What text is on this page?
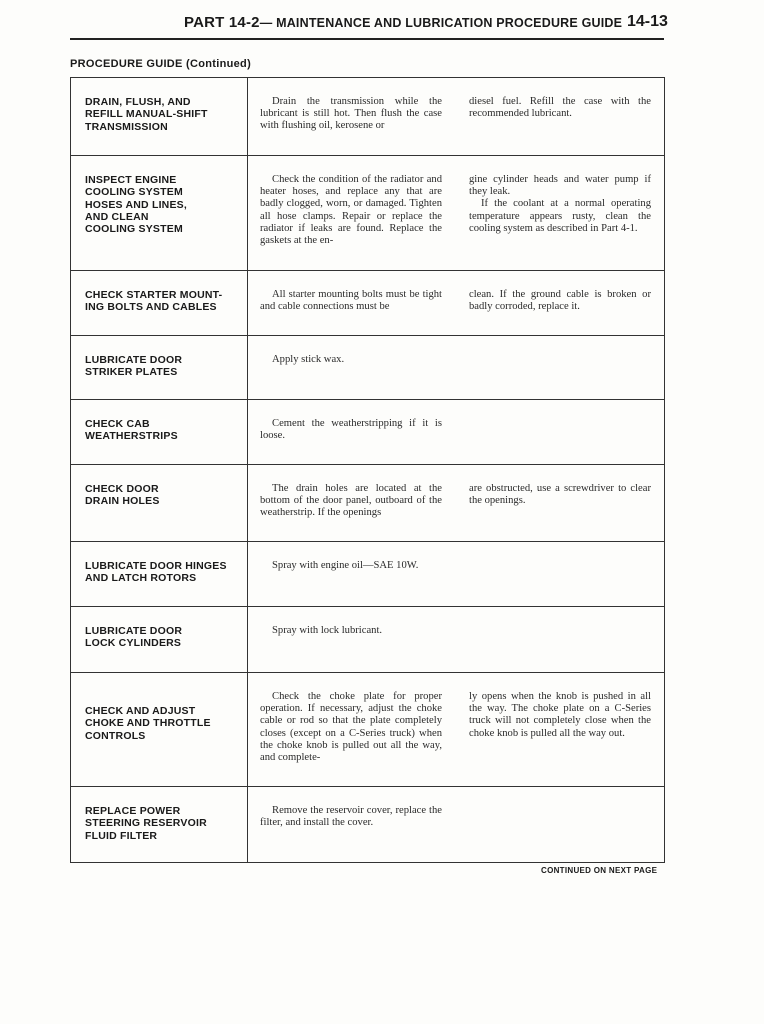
PART 14-2— MAINTENANCE AND LUBRICATION PROCEDURE GUIDE 14-13
PROCEDURE GUIDE (Continued)
DRAIN, FLUSH, AND
REFILL MANUAL-SHIFT
TRANSMISSION

Drain the transmission while the lubricant is still hot. Then flush the case with flushing oil, kerosene or

diesel fuel. Refill the case with the recommended lubricant.

INSPECT ENGINE
COOLING SYSTEM
HOSES AND LINES,
AND CLEAN
COOLING SYSTEM

Check the condition of the radiator and heater hoses, and replace any that are badly clogged, worn, or damaged. Tighten all hose clamps. Repair or replace the radiator if leaks are found. Replace the gaskets at the en-

gine cylinder heads and water pump if they leak.

If the coolant at a normal operating temperature appears rusty, clean the cooling system as described in Part 4-1.

CHECK STARTER MOUNT-
ING BOLTS AND CABLES

All starter mounting bolts must be tight and cable connections must be

clean. If the ground cable is broken or badly corroded, replace it.

LUBRICATE DOOR
STRIKER PLATES

Apply stick wax.

CHECK CAB
WEATHERSTRIPS

Cement the weatherstripping if it is loose.

CHECK DOOR
DRAIN HOLES

The drain holes are located at the bottom of the door panel, outboard of the weatherstrip. If the openings

are obstructed, use a screwdriver to clear the openings.

LUBRICATE DOOR HINGES
AND LATCH ROTORS

Spray with engine oil—SAE 10W.

LUBRICATE DOOR
LOCK CYLINDERS

Spray with lock lubricant.

CHECK AND ADJUST
CHOKE AND THROTTLE
CONTROLS

Check the choke plate for proper operation. If necessary, adjust the choke cable or rod so that the plate completely closes (except on a C-Series truck) when the choke knob is pulled out all the way, and complete-

ly opens when the knob is pushed in all the way. The choke plate on a C-Series truck will not completely close when the choke knob is pulled all the way out.

REPLACE POWER
STEERING RESERVOIR
FLUID FILTER

Remove the reservoir cover, replace the filter, and install the cover.

CONTINUED ON NEXT PAGE
